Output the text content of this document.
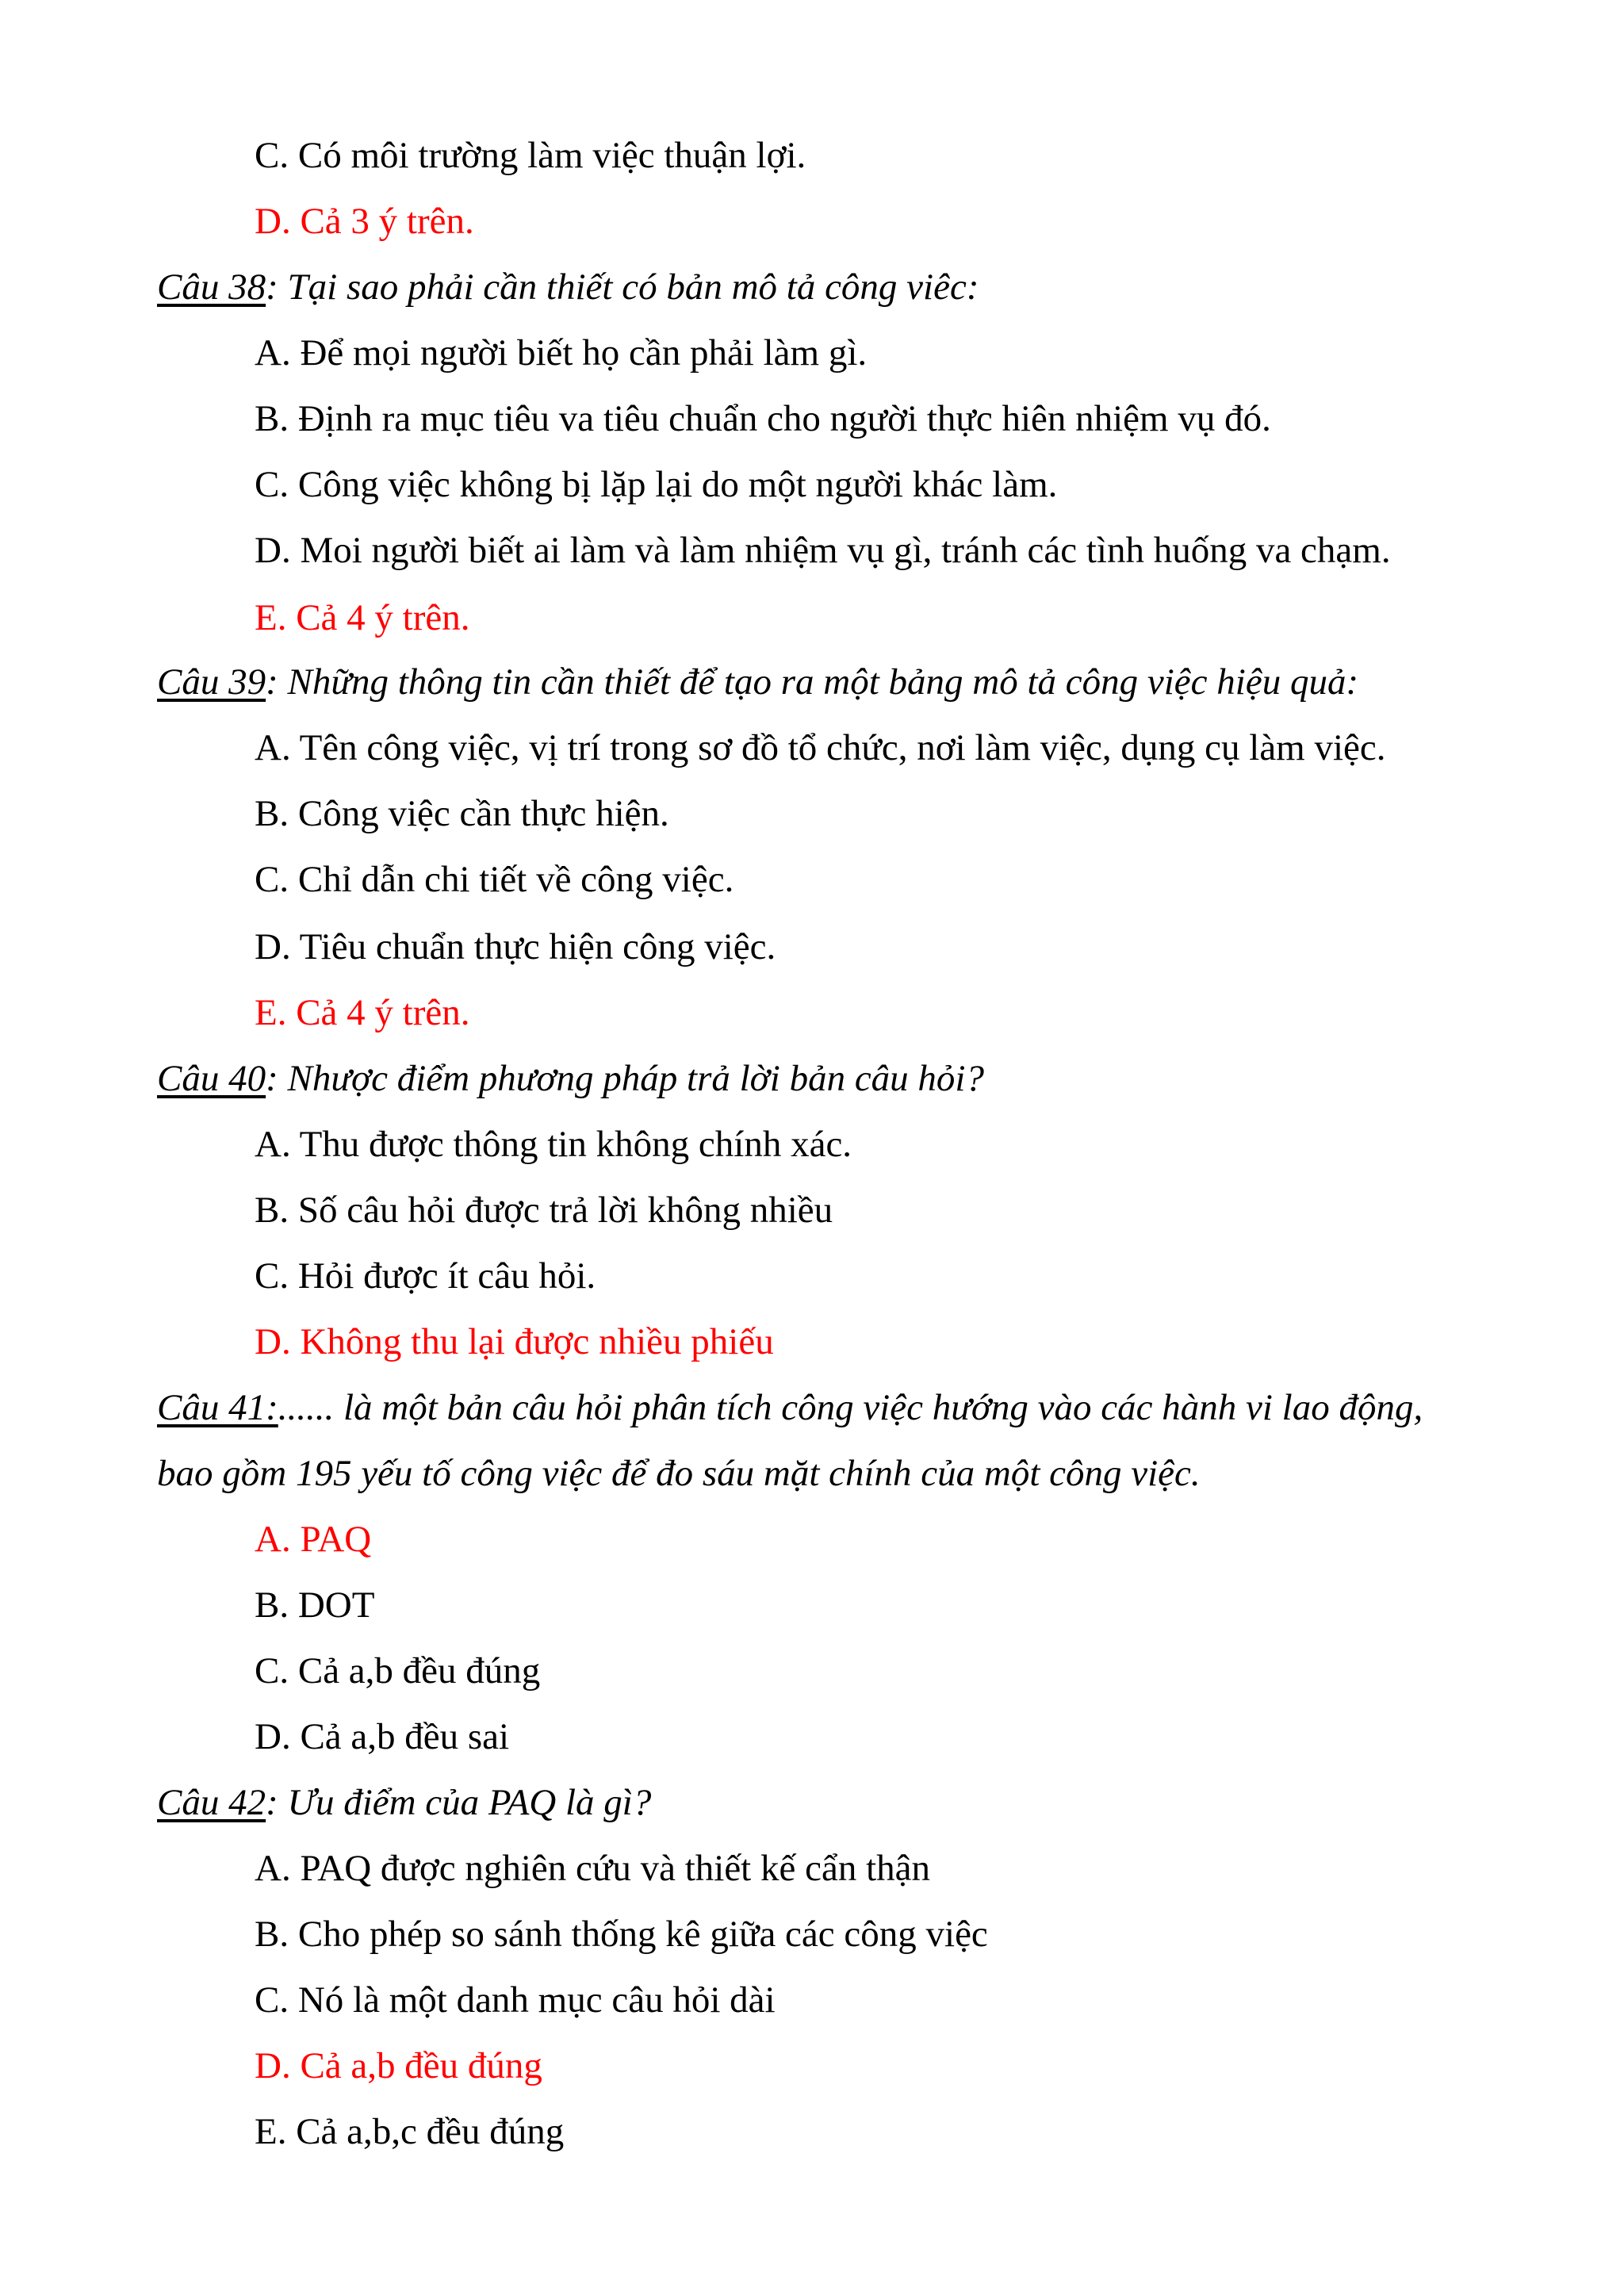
C. Có môi trường làm việc thuận lợi.
D. Cả 3 ý trên.
Câu 38: Tại sao phải cần thiết có bản mô tả công viêc:
A. Để mọi người biết họ cần phải làm gì.
B. Định ra mục tiêu va tiêu chuẩn cho người thực hiên nhiệm vụ đó.
C. Công việc không bị lặp lại do một người khác làm.
D. Moi người biết ai làm và làm nhiệm vụ gì, tránh các tình huống va chạm.
E. Cả 4 ý trên.
Câu 39: Những thông tin cần thiết để tạo ra một bảng mô tả công việc hiệu quả:
A. Tên công việc, vị trí trong sơ đồ tổ chức, nơi làm việc, dụng cụ làm việc.
B. Công việc cần thực hiện.
C. Chỉ dẫn chi tiết về công việc.
D. Tiêu chuẩn thực hiện công việc.
E. Cả 4 ý trên.
Câu 40: Nhược điểm phương pháp trả lời bản câu hỏi?
A. Thu được thông tin không chính xác.
B. Số câu hỏi được trả lời không nhiều
C. Hỏi được ít câu hỏi.
D. Không thu lại được nhiều phiếu
Câu 41:...... là một bản câu hỏi phân tích công việc hướng vào các hành vi lao động,
bao gồm 195 yếu tố công việc để đo sáu mặt chính của một công việc.
A. PAQ
B. DOT
C. Cả a,b đều đúng
D. Cả a,b đều sai
Câu 42: Ưu điểm của PAQ là gì?
A. PAQ được nghiên cứu và thiết kế cẩn thận
B. Cho phép so sánh thống kê giữa các công việc
C. Nó là một danh mục câu hỏi dài
D. Cả a,b đều đúng
E. Cả a,b,c đều đúng
